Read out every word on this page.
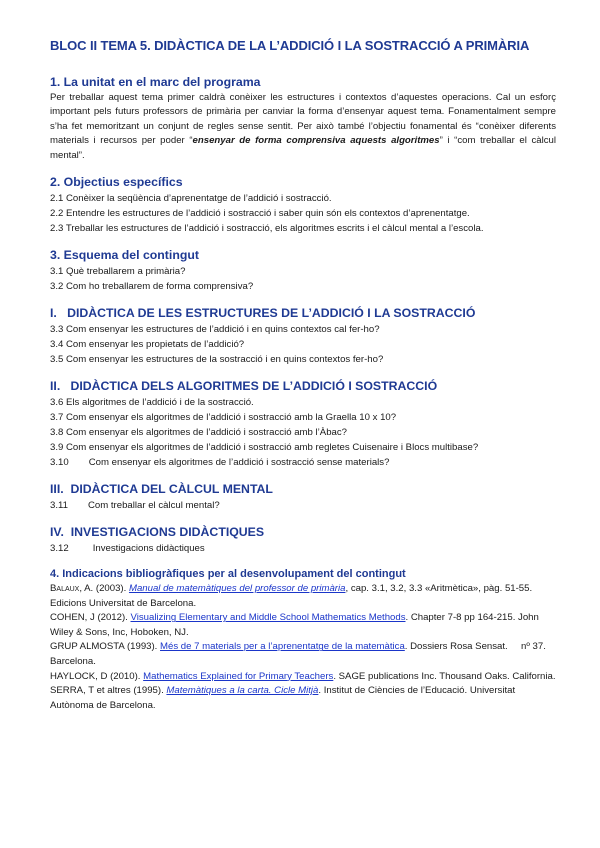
BLOC II TEMA 5. DIDÀCTICA DE LA L’ADDICIÓ I LA SOSTRACCIÓ A PRIMÀRIA

1. La unitat en el marc del programa

Per treballar aquest tema primer caldrà conèixer les estructures i contextos d’aquestes operacions. Cal un esforç important pels futurs professors de primària per canviar la forma d’ensenyar aquest tema. Fonamentalment sempre s’ha fet memoritzant un conjunt de regles sense sentit. Per això també l’objectiu fonamental és “conèixer diferents materials i recursos per poder “ensenyar de forma comprensiva aquests algoritmes” i “com treballar el càlcul mental”.

2. Objectius específics

2.1 Conèixer la seqüència d’aprenentatge de l’addició i sostracció.

2.2 Entendre les estructures de l’addició i sostracció i saber quin són els contextos d’aprenentatge.

2.3 Treballar les estructures de l’addició i sostracció, els algoritmes escrits i el càlcul mental a l’escola.

3. Esquema del contingut

3.1 Què treballarem a primària?

3.2 Com ho treballarem de forma comprensiva?

I.   DIDÀCTICA DE LES ESTRUCTURES DE L’ADDICIÓ I LA SOSTRACCIÓ

3.3 Com ensenyar les estructures de l’addició i en quins contextos cal fer-ho?

3.4 Com ensenyar les propietats de l’addició?

3.5 Com ensenyar les estructures de la sostracció i en quins contextos fer-ho?

II.   DIDÀCTICA DELS ALGORITMES DE L’ADDICIÓ I SOSTRACCIÓ

3.6 Els algoritmes de l’addició i de la sostracció.

3.7 Com ensenyar els algoritmes de l’addició i sostracció amb la Graella 10 x 10?

3.8 Com ensenyar els algoritmes de l’addició i sostracció amb l’Àbac?

3.9 Com ensenyar els algoritmes de l’addició i sostracció amb regletes Cuisenaire i Blocs multibase?

3.10 Com ensenyar els algoritmes de l’addició i sostracció sense materials?

III.  DIDÀCTICA DEL CÀLCUL MENTAL

3.11 Com treballar el càlcul mental?

IV.  INVESTIGACIONS DIDÀCTIQUES

3.12	Investigacions didàctiques

4. Indicacions bibliogràfiques per al desenvolupament del contingut

Balaux, A. (2003). Manual de matemàtiques del professor de primària, cap. 3.1, 3.2, 3.3 «Aritmètica», pàg. 51-55. Edicions Universitat de Barcelona.

COHEN, J (2012). Visualizing Elementary and Middle School Mathematics Methods. Chapter 7-8 pp 164-215. John Wiley & Sons, Inc, Hoboken, NJ.

GRUP ALMOSTA (1993). Més de 7 materials per a l’aprenentatge de la matemàtica. Dossiers Rosa Sensat.     nº 37. Barcelona.

HAYLOCK, D (2010). Mathematics Explained for Primary Teachers. SAGE publications Inc. Thousand Oaks. California.

SERRA, T et altres (1995). Matemàtiques a la carta. Cicle Mitjà. Institut de Ciències de l’Educació. Universitat Autònoma de Barcelona.
